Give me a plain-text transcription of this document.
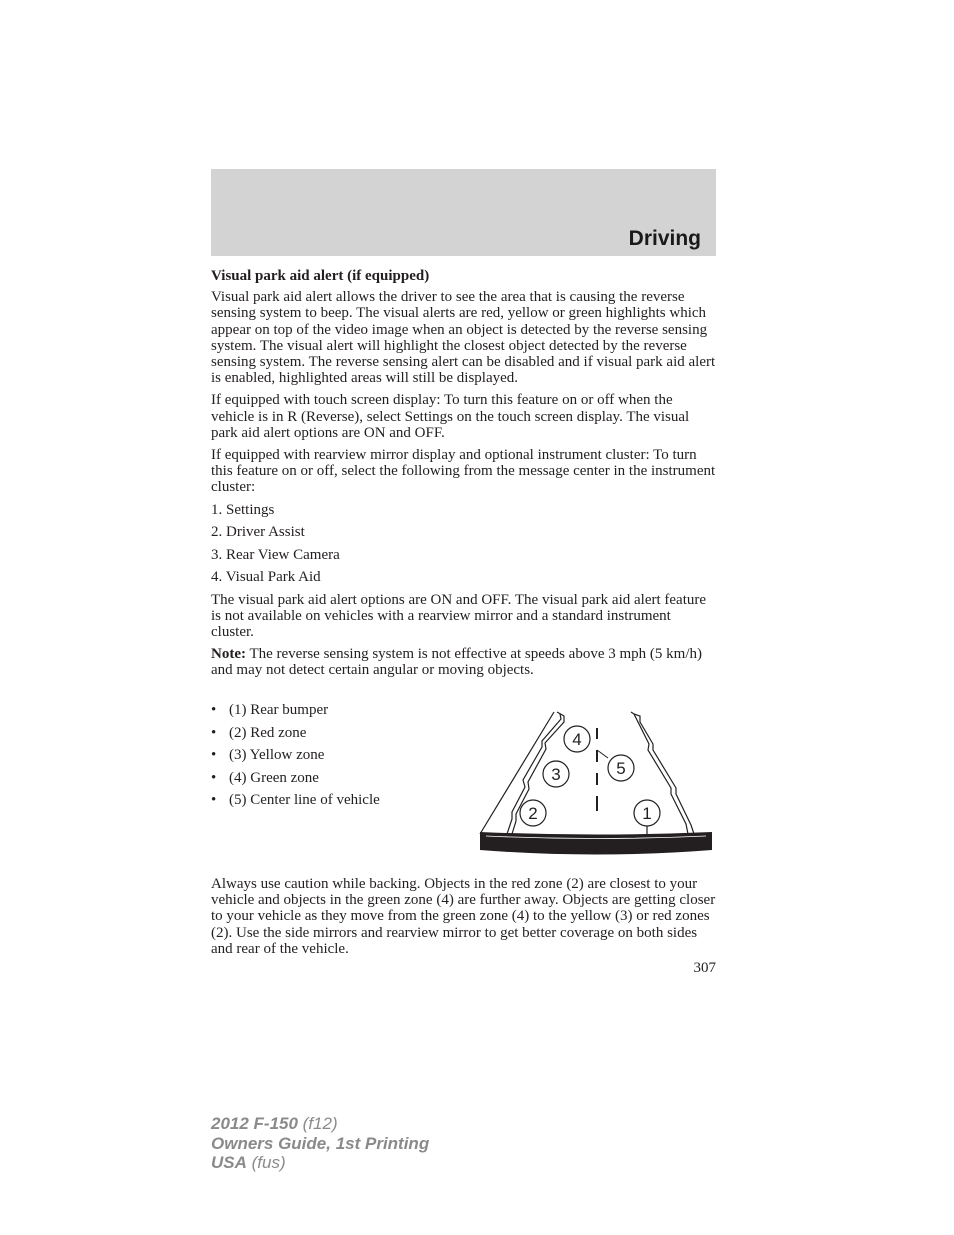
Driving
Visual park aid alert (if equipped)
Visual park aid alert allows the driver to see the area that is causing the reverse sensing system to beep. The visual alerts are red, yellow or green highlights which appear on top of the video image when an object is detected by the reverse sensing system. The visual alert will highlight the closest object detected by the reverse sensing system. The reverse sensing alert can be disabled and if visual park aid alert is enabled, highlighted areas will still be displayed.
If equipped with touch screen display: To turn this feature on or off when the vehicle is in R (Reverse), select Settings on the touch screen display. The visual park aid alert options are ON and OFF.
If equipped with rearview mirror display and optional instrument cluster: To turn this feature on or off, select the following from the message center in the instrument cluster:
1. Settings
2. Driver Assist
3. Rear View Camera
4. Visual Park Aid
The visual park aid alert options are ON and OFF. The visual park aid alert feature is not available on vehicles with a rearview mirror and a standard instrument cluster.
Note: The reverse sensing system is not effective at speeds above 3 mph (5 km/h) and may not detect certain angular or moving objects.
• (1) Rear bumper
• (2) Red zone
• (3) Yellow zone
• (4) Green zone
• (5) Center line of vehicle
4
5
3
2	1
Always use caution while backing. Objects in the red zone (2) are closest to your vehicle and objects in the green zone (4) are further away. Objects are getting closer to your vehicle as they move from the green zone (4) to the yellow (3) or red zones (2). Use the side mirrors and rearview mirror to get better coverage on both sides and rear of the vehicle.
307
2012 F-150 (f12)
Owners Guide, 1st Printing
USA (fus)
